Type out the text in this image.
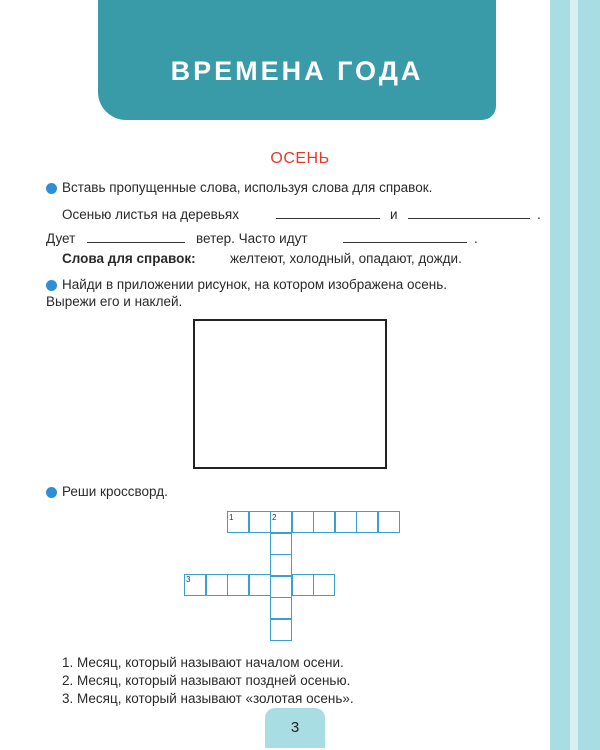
ВРЕМЕНА ГОДА
ОСЕНЬ
Вставь пропущенные слова, используя слова для справок.
Осенью листья на деревьях	и	.
Дует	ветер. Часто идут	.
Слова для справок:	желтеют, холодный, опадают, дожди.
Найди в приложении рисунок, на котором изображена осень.
Вырежи его и наклей.
Реши кроссворд.
1	2
3
1. Месяц, который называют началом осени.
2. Месяц, который называют поздней осенью.
3. Месяц, который называют «золотая осень».
3
